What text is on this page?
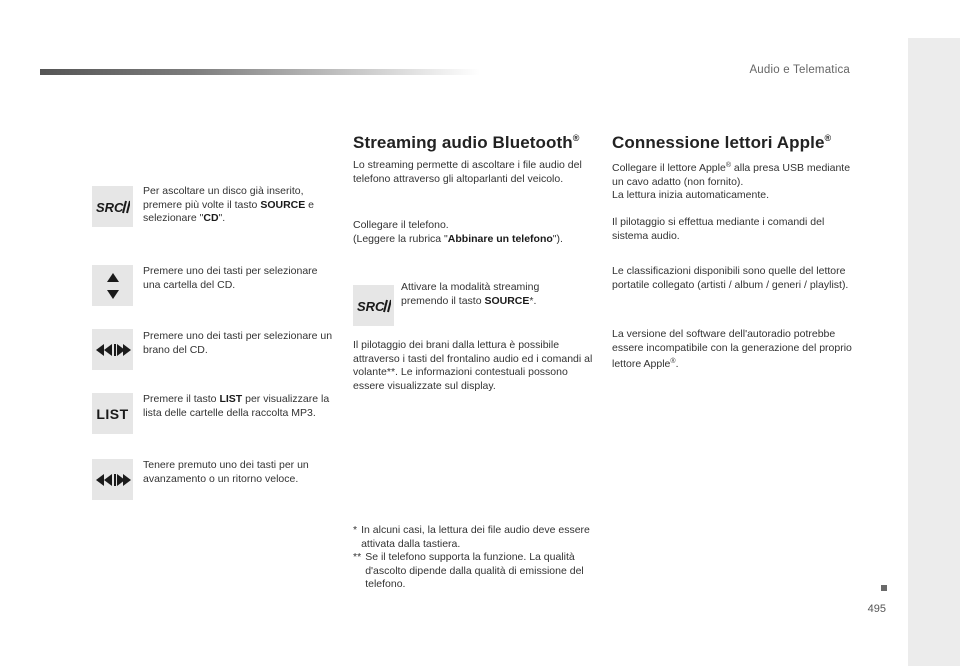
Audio e Telematica
495
SRC
Per ascoltare un disco già inserito, premere più volte il tasto SOURCE e selezionare "CD".
Premere uno dei tasti per selezionare una cartella del CD.
Premere uno dei tasti per selezionare un brano del CD.
LIST
Premere il tasto LIST per visualizzare la lista delle cartelle della raccolta MP3.
Tenere premuto uno dei tasti per un avanzamento o un ritorno veloce.
Streaming audio Bluetooth®
Lo streaming permette di ascoltare i file audio del telefono attraverso gli altoparlanti del veicolo.

Collegare il telefono.

(Leggere la rubrica "Abbinare un telefono").

SRC
Attivare la modalità streaming premendo il tasto SOURCE*.
Il pilotaggio dei brani dalla lettura è possibile attraverso i tasti del frontalino audio ed i comandi al volante**. Le informazioni contestuali possono essere visualizzate sul display.
* In alcuni casi, la lettura dei file audio deve essere attivata dalla tastiera.
** Se il telefono supporta la funzione. La qualità d'ascolto dipende dalla qualità di emissione del telefono.
Connessione lettori Apple®

Collegare il lettore Apple® alla presa USB mediante un cavo adatto (non fornito).

La lettura inizia automaticamente.

Il pilotaggio si effettua mediante i comandi del sistema audio.
Le classificazioni disponibili sono quelle del lettore portatile collegato (artisti / album / generi / playlist).
La versione del software dell'autoradio potrebbe essere incompatibile con la generazione del proprio lettore Apple®.
